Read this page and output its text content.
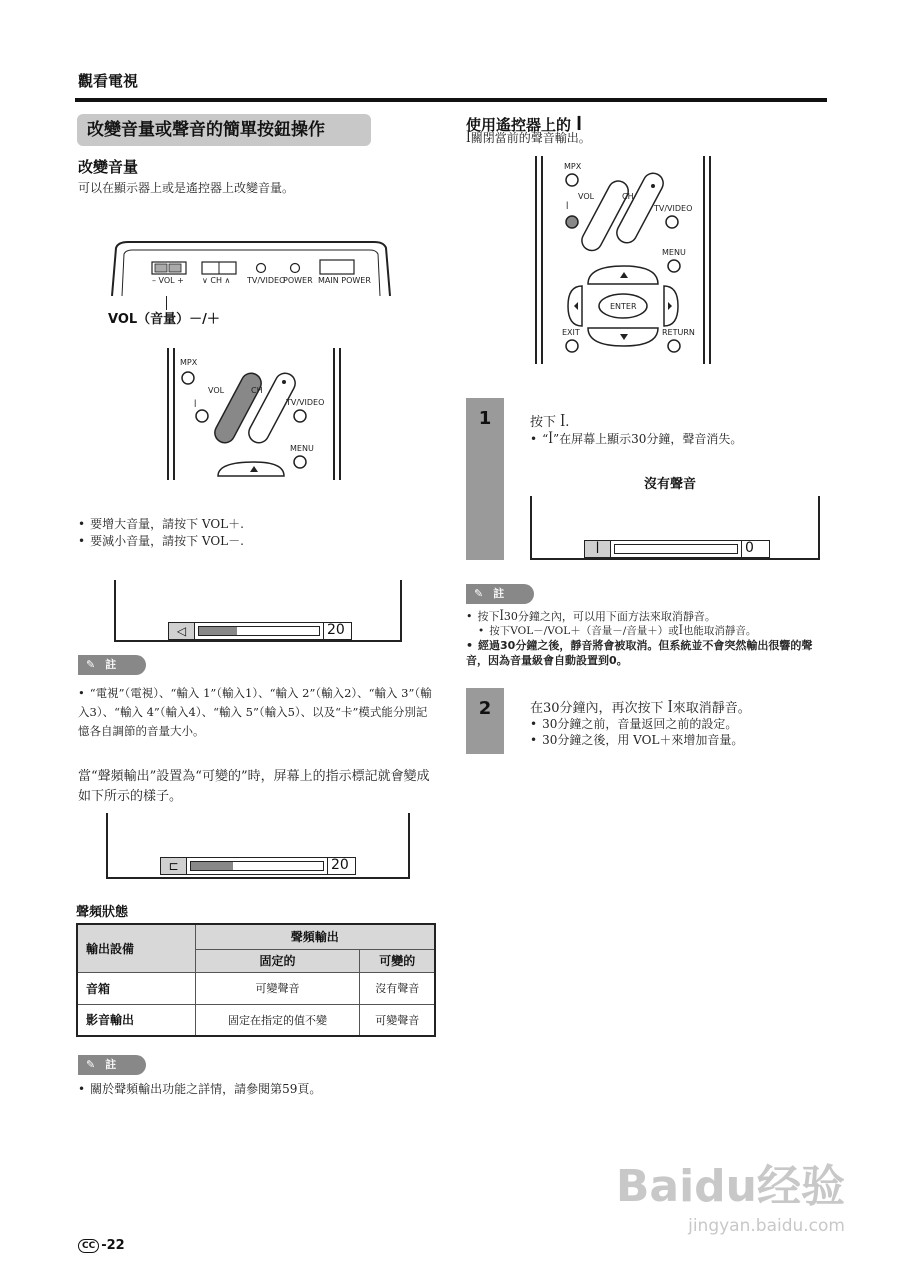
觀看電視
改變音量或聲音的簡單按鈕操作
改變音量
可以在顯示器上或是遙控器上改變音量。
– VOL + ∨ CH ∧ TV/VIDEO
POWER MAIN POWER
VOL（音量）－/＋
MPX
VOL	CH
TV/VIDEO
MENU
ꟾ
• 要增大音量，請按下 VOL＋.
• 要減小音量，請按下 VOL－.
◁	20
✎ 註
• “電視”（電視）、“輸入 1”（輸入1）、“輸入 2”（輸入2）、“輸入 3”（輸入3）、“輸入 4”（輸入4）、“輸入 5”（輸入5）、以及“卡”模式能分別記憶各自調節的音量大小。
當“聲頻輸出”設置為“可變的”時，屏幕上的指示標記就會變成如下所示的樣子。
⊏	20
聲頻狀態
輸出設備	聲頻輸出	
	固定的	可變的
音箱	可變聲音	沒有聲音
影音輸出	固定在指定的值不變	可變聲音
✎ 註
• 關於聲頻輸出功能之詳情，請參閱第59頁。
使用遙控器上的 ꟾ
ꟾ關閉當前的聲音輸出。
MPX
VOL	CH
TV/VIDEO
MENU
ENTER
EXIT	RETURN
ꟾ
1	按下 ꟾ.
• “ꟾ”在屏幕上顯示30分鐘，聲音消失。
沒有聲音
ꟾ	0
✎ 註
• 按下ꟾ30分鐘之內，可以用下面方法來取消靜音。
• 按下VOL－/VOL＋（音量－/音量＋）或ꟾ也能取消靜音。
• 經過30分鐘之後，靜音將會被取消。但系統並不會突然輸出很響的聲音，因為音量級會自動設置到0。
2	在30分鐘內，再次按下 ꟾ來取消靜音。
• 30分鐘之前，音量返回之前的設定。
• 30分鐘之後，用 VOL＋來增加音量。
CC -22
Baidu经验
jingyan.baidu.com
